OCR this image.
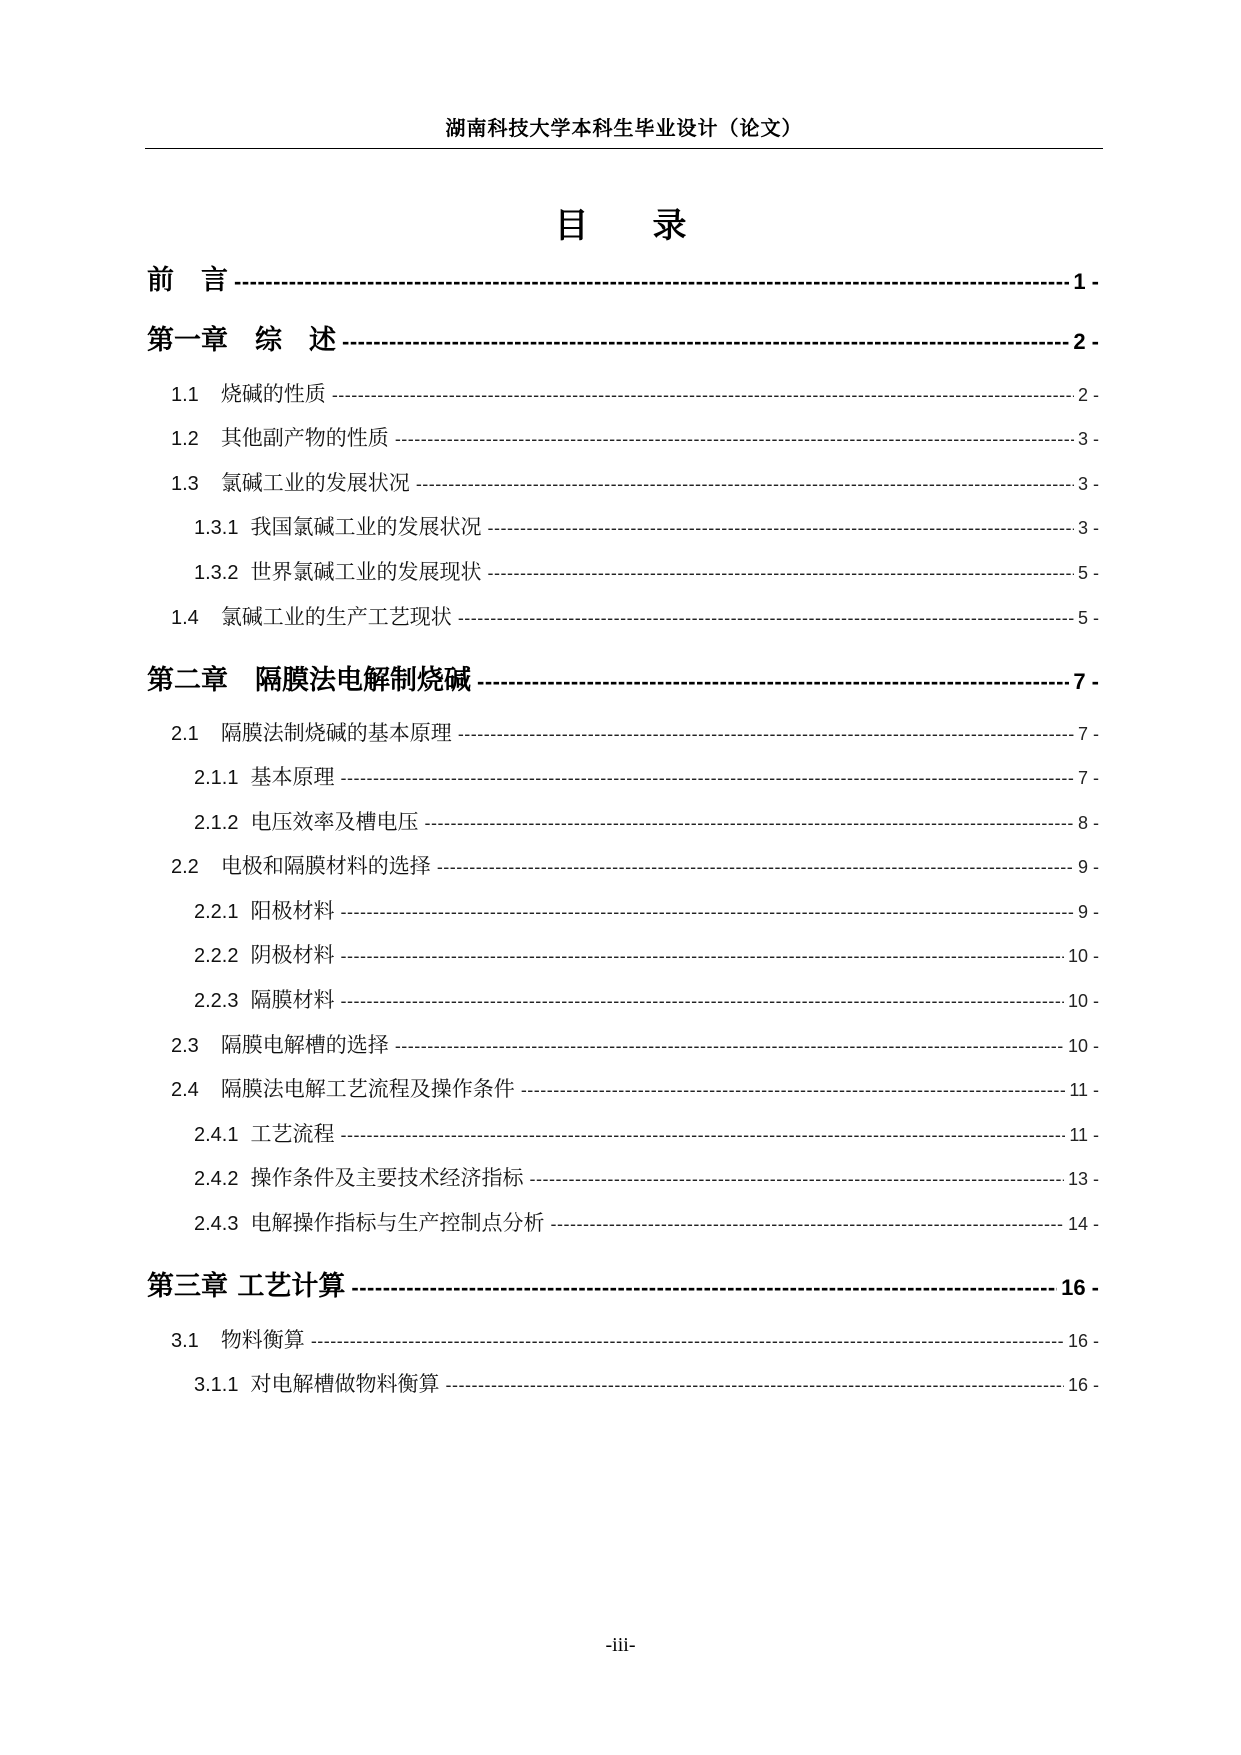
湖南科技大学本科生毕业设计（论文）
目 录
前　言 -----	1 -
第一章　综　述 -----	2 -
1.1 烧碱的性质 -----	2 -
1.2 其他副产物的性质 -----	3 -
1.3 氯碱工业的发展状况 -----	3 -
1.3.1 我国氯碱工业的发展状况 -----	3 -
1.3.2 世界氯碱工业的发展现状 -----	5 -
1.4 氯碱工业的生产工艺现状 -----	5 -
第二章　隔膜法电解制烧碱 -----	7 -
2.1 隔膜法制烧碱的基本原理 -----	7 -
2.1.1 基本原理 -----	7 -
2.1.2 电压效率及槽电压 -----	8 -
2.2 电极和隔膜材料的选择 -----	9 -
2.2.1 阳极材料 -----	9 -
2.2.2 阴极材料 -----	10 -
2.2.3 隔膜材料 -----	10 -
2.3 隔膜电解槽的选择 -----	10 -
2.4 隔膜法电解工艺流程及操作条件 -----	11 -
2.4.1 工艺流程 -----	11 -
2.4.2 操作条件及主要技术经济指标 -----	13 -
2.4.3 电解操作指标与生产控制点分析 -----	14 -
第三章 工艺计算 -----	16 -
3.1 物料衡算 -----	16 -
3.1.1 对电解槽做物料衡算 -----	16 -
-iii-
